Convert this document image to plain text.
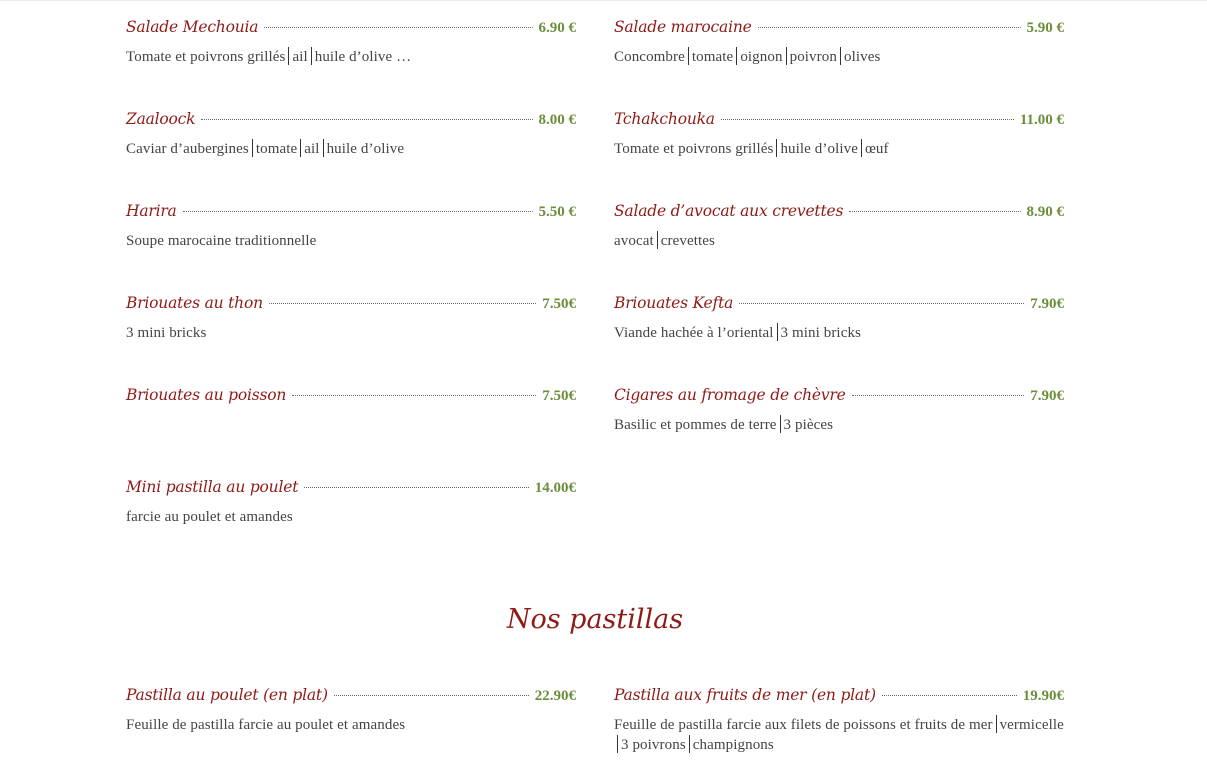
Salade Mechouia	6.90 €
Tomate et poivrons grillés ail huile d’olive …
Zaaloock	8.00 €
Caviar d’aubergines tomate ail huile d’olive
Harira	5.50 €
Soupe marocaine traditionnelle
Briouates au thon	7.50€
3 mini bricks
Briouates au poisson	7.50€
Mini pastilla au poulet	14.00€
farcie au poulet et amandes
Salade marocaine	5.90 €
Concombre tomate oignon poivron olives
Tchakchouka	11.00 €
Tomate et poivrons grillés huile d’olive œuf
Salade d’avocat aux crevettes	8.90 €
avocat crevettes
Briouates Kefta	7.90€
Viande hachée à l’oriental 3 mini bricks
Cigares au fromage de chèvre	7.90€
Basilic et pommes de terre 3 pièces
Nos pastillas
Pastilla au poulet (en plat)	22.90€
Feuille de pastilla farcie au poulet et amandes
Pastilla aux fruits de mer (en plat)	19.90€
Feuille de pastilla farcie aux filets de poissons et fruits de mer vermicelle3 poivrons champignons
